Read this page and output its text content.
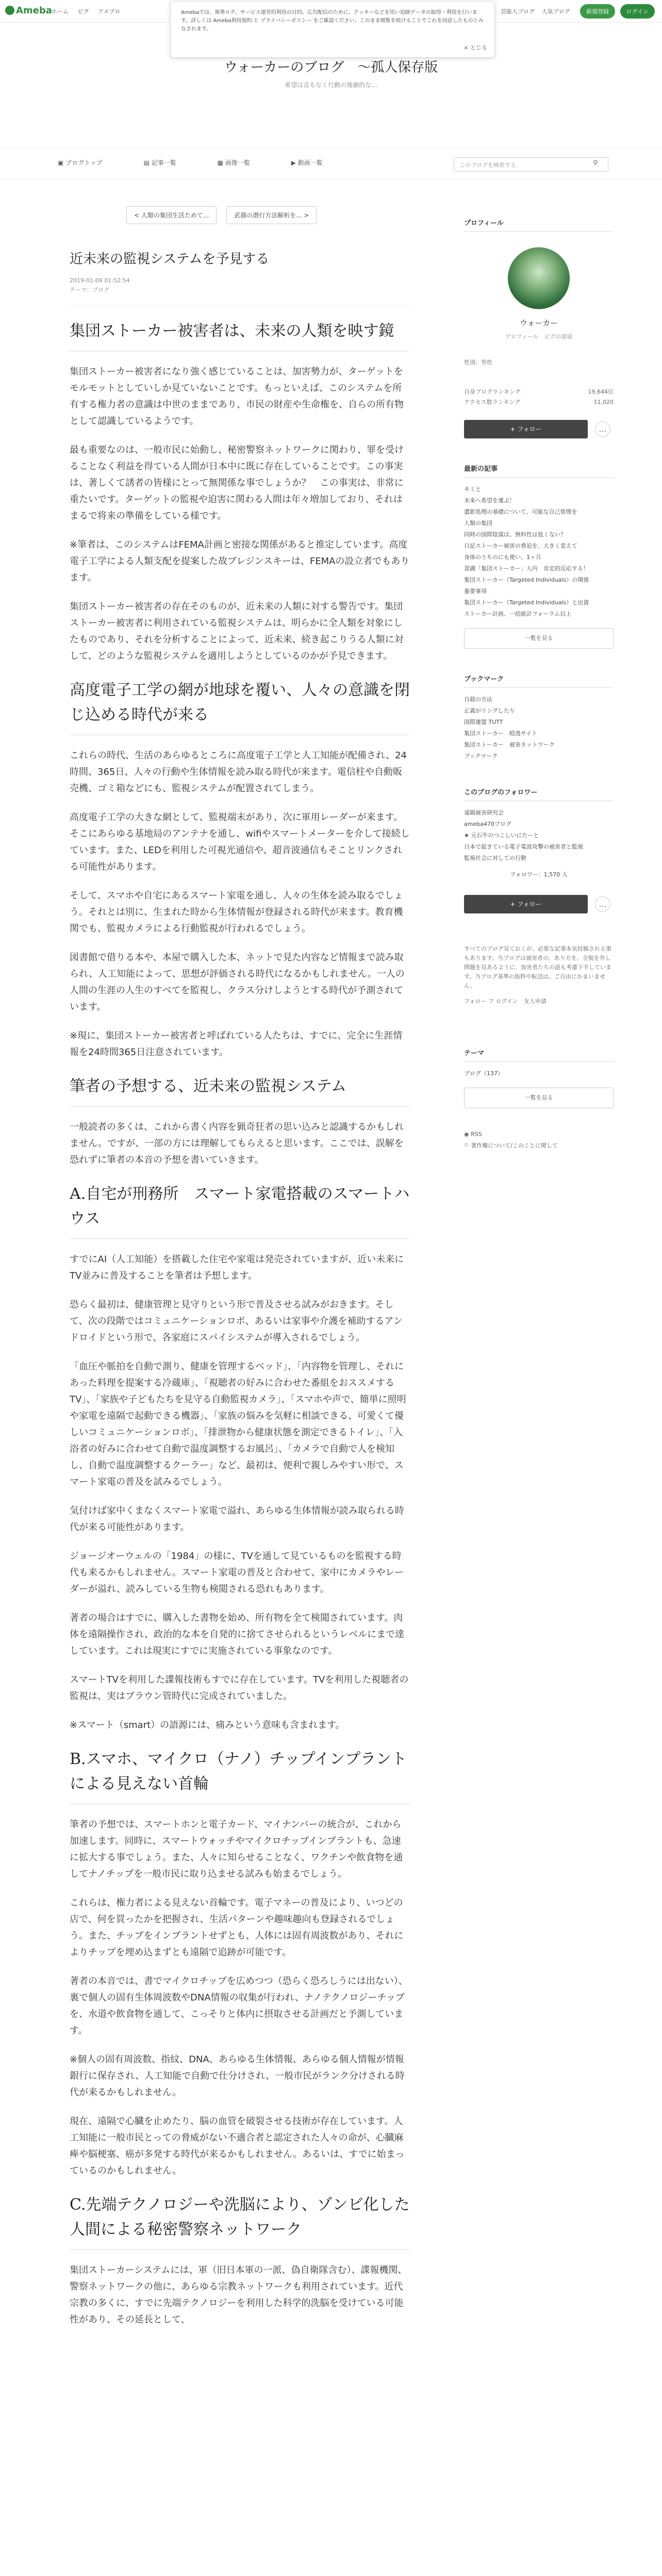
Ameba ホーム ピグ アメブロ	芸能人ブログ 人気ブログ	新規登録	ログイン
Amebaでは、執筆ログ、サービス運営的利用の目的、広告配信のために、クッキーなどを用い追跡データの取得・利用を行います。詳しくは Ameba利用規約 と プライバシーポリシー をご確認ください。このまま閲覧を続けることでこれを同意したものとみなされます。
× とじる
ウォーカーのブログ　〜孤人保存版
希望は音もなく行動の後継的な...
▣ ブログトップ	▤ 記事一覧	▦ 画像一覧	▶ 動画一覧	このブログを検索する	⚲
< 人類の集団生活ためて...	武器の潜行方法解析を... >
近未来の監視システムを予見する
2019-01-09 01:52:54
テーマ：ブログ
集団ストーカー被害者は、未来の人類を映す鏡
集団ストーカー被害者になり強く感じていることは、加害勢力が、ターゲットをモルモットとしていしか見ていないことです。もっといえば、このシステムを所有する権力者の意識は中世のままであり、市民の財産や生命権を、自らの所有物として認識しているようです。
最も重要なのは、一般市民に始動し、秘密警察ネットワークに関わり、罪を受けることなく利益を得ている人間が日本中に既に存在していることです。この事実は、著しくて誘者の皆様にとって無関係な事でしょうか？　この事実は、非常に重たいです。ターゲットの監視や迫害に関わる人間は年々増加しており、それはまるで将来の準備をしている様です。
※筆者は、このシステムはFEMA計画と密接な関係があると推定しています。高度電子工学による人類支配を提案した故ブレジンスキーは、FEMAの設立者でもあります。
集団ストーカー被害者の存在そのものが、近未来の人類に対する警告です。集団ストーカー被害者に利用されている監視システムは、明らかに全人類を対象にしたものであり、それを分析することによって、近未来、続き起こりうる人類に対して、どのような監視システムを適用しようとしているのかが予見できます。
高度電子工学の網が地球を覆い、人々の意識を閉じ込める時代が来る
これらの時代、生活のあらゆるところに高度電子工学と人工知能が配備され、24時間、365日、人々の行動や生体情報を読み取る時代が来ます。電信柱や自動販売機、ゴミ箱などにも、監視システムが配置されてしまう。
高度電子工学の大きな網として、監視端末があり、次に軍用レーダーが来ます。そこにあらゆる基地局のアンテナを通し、wifiやスマートメーターを介して接続しています。また、LEDを利用した可視光通信や、超音波通信もそことリンクされる可能性があります。
そして、スマホや自宅にあるスマート家電を通し、人々の生体を読み取るでしょう。それとは別に、生まれた時から生体情報が登録される時代が来ます。教育機関でも、監視カメラによる行動監視が行われるでしょう。
図書館で借りる本や、本屋で購入した本、ネットで見た内容など情報まで読み取られ、人工知能によって、思想が評価される時代になるかもしれません。一人の人間の生涯の人生のすべてを監視し、クラス分けしようとする時代が予測されています。
※現に、集団ストーカー被害者と呼ばれている人たちは、すでに、完全に生涯情報を24時間365日注意されています。
筆者の予想する、近未来の監視システム
一般読者の多くは、これから書く内容を猟奇狂者の思い込みと認識するかもしれません。ですが、一部の方には理解してもらえると思います。ここでは、誤解を恐れずに筆者の本音の予想を書いていきます。
A.自宅が刑務所　スマート家電搭載のスマートハウス
すでにAI（人工知能）を搭載した住宅や家電は発売されていますが、近い未来にTV並みに普及することを筆者は予想します。
恐らく最初は、健康管理と見守りという形で普及させる試みがおきます。そして、次の段階ではコミュニケーションロボ、あるいは家事や介護を補助するアンドロイドという形で、各家庭にスパイシステムが導入されるでしょう。
「血圧や脈拍を自動で測り、健康を管理するベッド」、「内容物を管理し、それにあった料理を提案する冷蔵庫」、「視聴者の好みに合わせた番組をおススメするTV」、「家族や子どもたちを見守る自動監視カメラ」、「スマホや声で、簡単に照明や家電を遠隔で起動できる機器」、「家族の悩みを気軽に相談できる、可愛くて優しいコミュニケーションロボ」、「排泄物から健康状態を測定できるトイレ」、「入浴者の好みに合わせて自動で温度調整するお風呂」、「カメラで自動で人を検知し、自動で温度調整するクーラー」など、最初は、便利で親しみやすい形で、スマート家電の普及を試みるでしょう。
気付けば家中くまなくスマート家電で溢れ、あらゆる生体情報が読み取られる時代が来る可能性があります。
ジョージオーウェルの「1984」の様に、TVを通して見ているものを監視する時代も来るかもしれません。スマート家電の普及と合わせて、家中にカメラやレーダーが溢れ、読みしている生物も検閲される恐れもあります。
著者の場合はすでに、購入した書物を始め、所有物を全て検閲されています。肉体を遠隔操作され、政治的な本を自発的に捨てさせられるというレベルにまで達しています。これは現実にすでに実施されている事象なのです。
スマートTVを利用した諜報技術もすでに存在しています。TVを利用した視聴者の監視は、実はブラウン管時代に完成されていました。
※スマート（smart）の語源には、痛みという意味も含まれます。
B.スマホ、マイクロ（ナノ）チップインプラントによる見えない首輪
筆者の予想では、スマートホンと電子カード、マイナンバーの統合が、これから加速します。同時に、スマートウォッチやマイクロチップインプラントも、急速に拡大する事でしょう。また、人々に知らせることなく、ワクチンや飲食物を通してナノチップを一般市民に取り込ませる試みも始まるでしょう。
これらは、権力者による見えない首輪です。電子マネーの普及により、いつどの店で、何を買ったかを把握され、生活パターンや趣味趣向も登録されるでしょう。また、チップをインプラントせずとも、人体には固有周波数があり、それによりチップを埋め込まずとも遠隔で追跡が可能です。
著者の本音では、書でマイクロチップを広めつつ（恐らく恐ろしうには出ない）、裏で個人の固有生体周波数やDNA情報の収集が行われ、ナノテクノロジーチップを、水道や飲食物を通して、こっそりと体内に摂取させる計画だと予測しています。
※個人の固有周波数、指紋、DNA、あらゆる生体情報、あらゆる個人情報が情報銀行に保存され、人工知能で自動で仕分けされ、一般市民がランク分けされる時代が来るかもしれません。
現在、遠隔で心臓を止めたり、脳の血管を破裂させる技術が存在しています。人工知能に一般市民とっての脅威がない不適合者と認定された人々の命が、心臓麻痺や脳梗塞、癌が多発する時代が来るかもしれません。あるいは、すでに始まっているのかもしれません。
C.先端テクノロジーや洗脳により、ゾンビ化した人間による秘密警察ネットワーク
集団ストーカーシステムには、軍（旧日本軍の一派、偽自衛隊含む）、諜報機関、警察ネットワークの他に、あらゆる宗教ネットワークも利用されています。近代宗教の多くに、すでに先端テクノロジーを利用した科学的洗脳を受けている可能性があり、その延長として、
プロフィール
ウォーカー
プロフィール　ピグの部屋
性別：男性
自身ブログランキング	19,644位
アクセス数ランキング	11,020
+ フォロー	…
最新の記事
キミと
未来へ希望を運ぶ！
遺影処理の基礎について、可能な自己管理を
人類の集団
同時の国際陰謀は、無料性は低くない？
日記ストーカー被害の脅迫を、大きく変えて
身体のうちのにも使い、1ヶ月
意識「集団ストーカー」人内　肯定的反応する！
集団ストーカー（Targeted Individuals）の関係
重要事項
集団ストーカー（Targeted Individuals）と出資
ストーカー計画、一括統計フォーラム以上
一覧を見る
ブックマーク
自殺の方法
正義がリングしたり
国際連盟 TUTT
集団ストーカー　殴逃サイト
集団ストーカー　被害ネットワーク
ブックマーク
このブログのフォロワー
遠隔被害研究会
ameba470ブログ
★ 元石牛のつこしいにたーと
日本で起きている電子電波攻撃の被害者と監視
監視社会に対しての行動
フォロワー：1,570 人
+ フォロー	…
すべてのブログ見ておくが、必要な記事本気投稿される事もあります。当ブログは被害者の、あり方を、全貌を外し問題を見あるように、加害者たちの話も考慮下手しています。当ブログ基準の抜粋や転送は、ご自由にかまいません。
フォロー フ ログイン　 友人申請
テーマ
ブログ（137）
一覧を見る
◉ RSS
⚐ 著作権について/このことに関して
